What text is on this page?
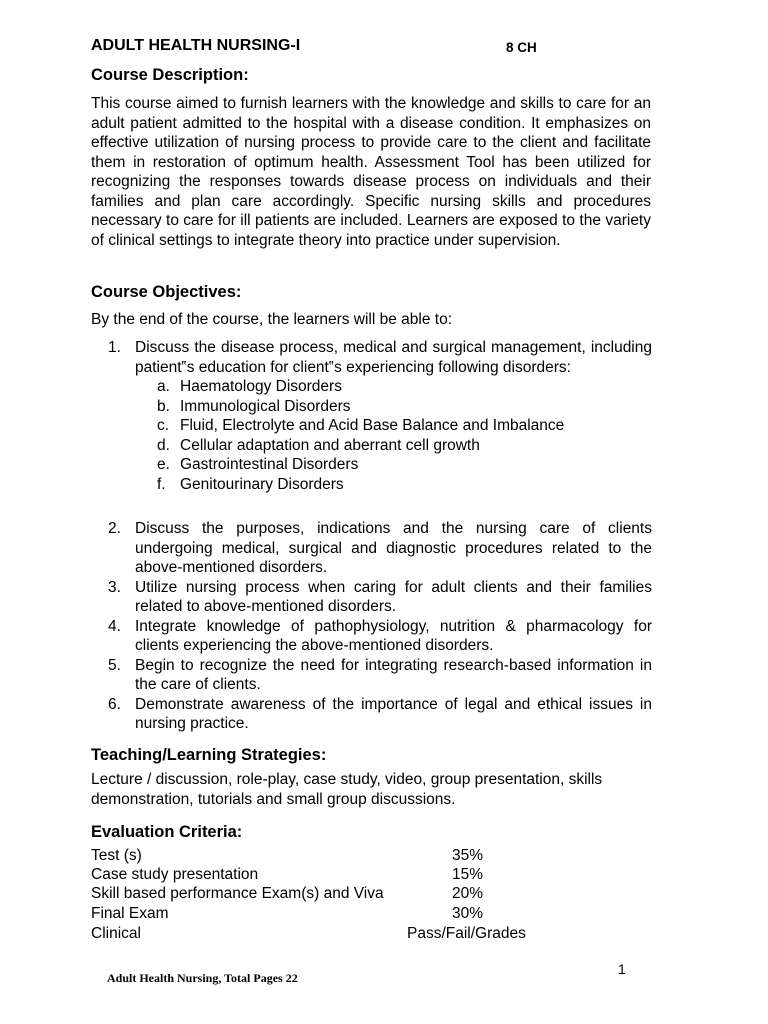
ADULT HEALTH NURSING-I	8 CH
Course Description:

This course aimed to furnish learners with the knowledge and skills to care for an adult patient admitted to the hospital with a disease condition. It emphasizes on effective utilization of nursing process to provide care to the client and facilitate them in restoration of optimum health. Assessment Tool has been utilized for recognizing the responses towards disease process on individuals and their families and plan care accordingly. Specific nursing skills and procedures necessary to care for ill patients are included. Learners are exposed to the variety of clinical settings to integrate theory into practice under supervision.

Course Objectives:
By the end of the course, the learners will be able to:
1. Discuss the disease process, medical and surgical management, including patient‟s education for client‟s experiencing following disorders:
a. Haematology Disorders
b. Immunological Disorders
c. Fluid, Electrolyte and Acid Base Balance and Imbalance
d. Cellular adaptation and aberrant cell growth
e. Gastrointestinal Disorders
f. Genitourinary Disorders
2. Discuss the purposes, indications and the nursing care of clients undergoing medical, surgical and diagnostic procedures related to the above-mentioned disorders.
3. Utilize nursing process when caring for adult clients and their families related to above-mentioned disorders.
4. Integrate knowledge of pathophysiology, nutrition & pharmacology for clients experiencing the above-mentioned disorders.
5. Begin to recognize the need for integrating research-based information in the care of clients.
6. Demonstrate awareness of the importance of legal and ethical issues in nursing practice.
Teaching/Learning Strategies:
Lecture / discussion, role-play, case study, video, group presentation, skills
demonstration, tutorials and small group discussions.
Evaluation Criteria:
Test (s)	35%
Case study presentation	15%
Skill based performance Exam(s) and Viva	20%
Final Exam	30%
Clinical	Pass/Fail/Grades
1
Adult Health Nursing, Total Pages 22
